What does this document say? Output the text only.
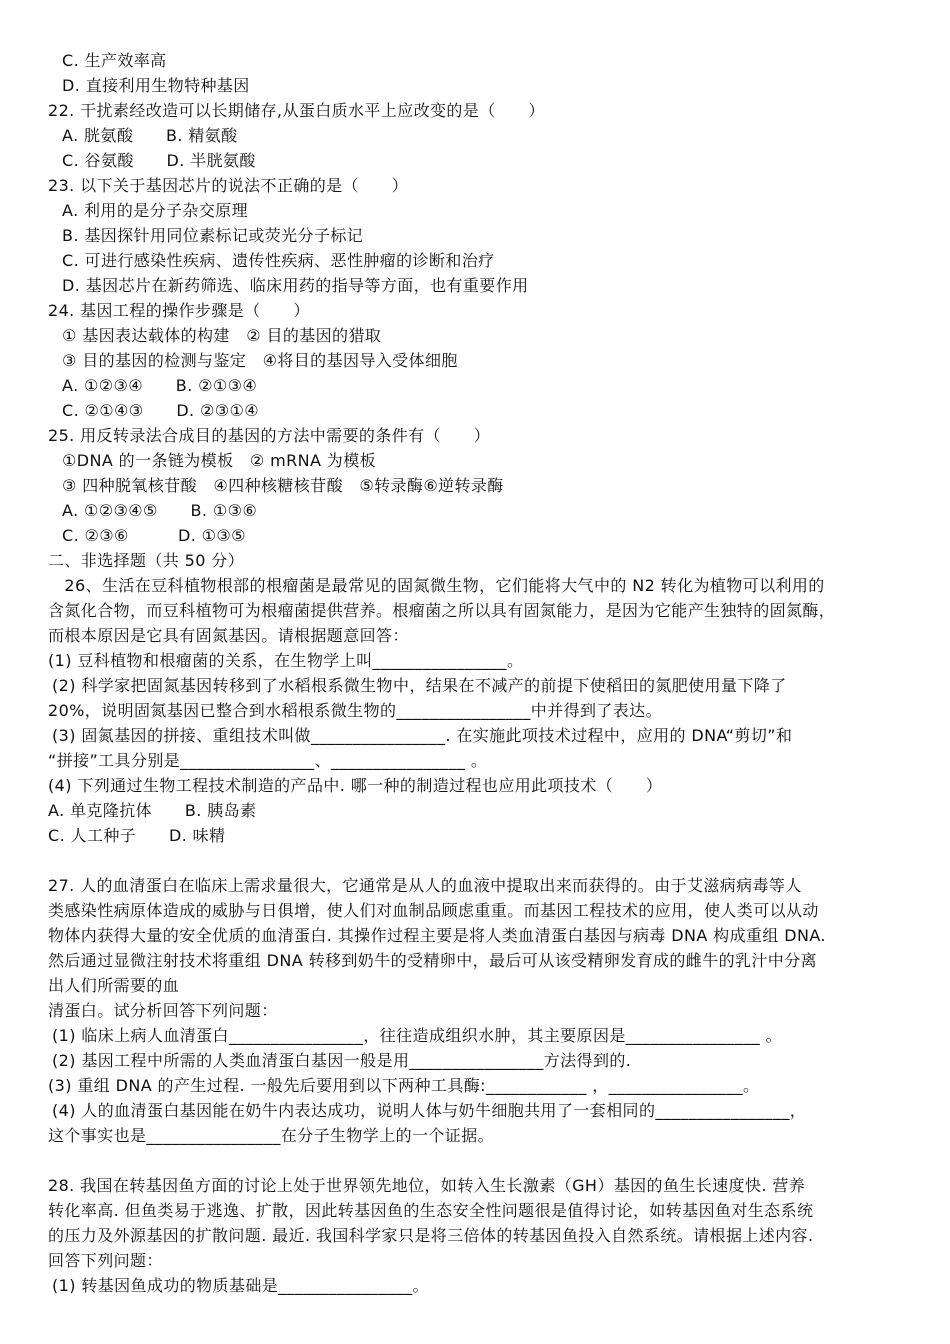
C. 生产效率高
D. 直接利用生物特种基因
22. 干扰素经改造可以长期储存,从蛋白质水平上应改变的是（　　）
A. 胱氨酸　　B. 精氨酸
C. 谷氨酸　　D. 半胱氨酸
23. 以下关于基因芯片的说法不正确的是（　　）
A. 利用的是分子杂交原理
B. 基因探针用同位素标记或荧光分子标记
C. 可进行感染性疾病、遗传性疾病、恶性肿瘤的诊断和治疗
D. 基因芯片在新药筛选、临床用药的指导等方面，也有重要作用
24. 基因工程的操作步骤是（　　）
① 基因表达载体的构建　② 目的基因的猎取
③ 目的基因的检测与鉴定　④将目的基因导入受体细胞
A. ①②③④　　B. ②①③④
C. ②①④③　　D. ②③①④
25. 用反转录法合成目的基因的方法中需要的条件有（　　）
①DNA 的一条链为模板　② mRNA 为模板
③ 四种脱氧核苷酸　④四种核糖核苷酸　⑤转录酶⑥逆转录酶
A. ①②③④⑤　　B. ①③⑥
C. ②③⑥　　　D. ①③⑤
二、非选择题（共 50 分）
　26、生活在豆科植物根部的根瘤菌是最常见的固氮微生物，它们能将大气中的 N2 转化为植物可以利用的
含氮化合物，而豆科植物可为根瘤菌提供营养。根瘤菌之所以具有固氮能力，是因为它能产生独特的固氮酶，
而根本原因是它具有固氮基因。请根据题意回答：
(1) 豆科植物和根瘤菌的关系，在生物学上叫________________。
(2) 科学家把固氮基因转移到了水稻根系微生物中，结果在不减产的前提下使稻田的氮肥使用量下降了
20%，说明固氮基因已整合到水稻根系微生物的________________中并得到了表达。
(3) 固氮基因的拼接、重组技术叫做________________. 在实施此项技术过程中，应用的 DNA“剪切”和
“拼接”工具分别是________________、________________ 。
(4) 下列通过生物工程技术制造的产品中. 哪一种的制造过程也应用此项技术（　　）
A. 单克隆抗体　　B. 胰岛素
C. 人工种子　　D. 味精
27. 人的血清蛋白在临床上需求量很大，它通常是从人的血液中提取出来而获得的。由于艾滋病病毒等人
类感染性病原体造成的威胁与日俱增，使人们对血制品顾虑重重。而基因工程技术的应用，使人类可以从动
物体内获得大量的安全优质的血清蛋白. 其操作过程主要是将人类血清蛋白基因与病毒 DNA 构成重组 DNA.
然后通过显微注射技术将重组 DNA 转移到奶牛的受精卵中，最后可从该受精卵发育成的雌牛的乳汁中分离
出人们所需要的血
清蛋白。试分析回答下列问题：
(1) 临床上病人血清蛋白________________，往往造成组织水肿，其主要原因是________________ 。
(2) 基因工程中所需的人类血清蛋白基因一般是用________________方法得到的.
(3) 重组 DNA 的产生过程. 一般先后要用到以下两种工具酶:____________ ，________________。
(4) 人的血清蛋白基因能在奶牛内表达成功，说明人体与奶牛细胞共用了一套相同的________________，
这个事实也是________________在分子生物学上的一个证据。
28. 我国在转基因鱼方面的讨论上处于世界领先地位，如转入生长激素（GH）基因的鱼生长速度快. 营养
转化率高. 但鱼类易于逃逸、扩散，因此转基因鱼的生态安全性问题很是值得讨论，如转基因鱼对生态系统
的压力及外源基因的扩散问题. 最近. 我国科学家只是将三倍体的转基因鱼投入自然系统。请根据上述内容.
回答下列问题：
(1) 转基因鱼成功的物质基础是________________。
